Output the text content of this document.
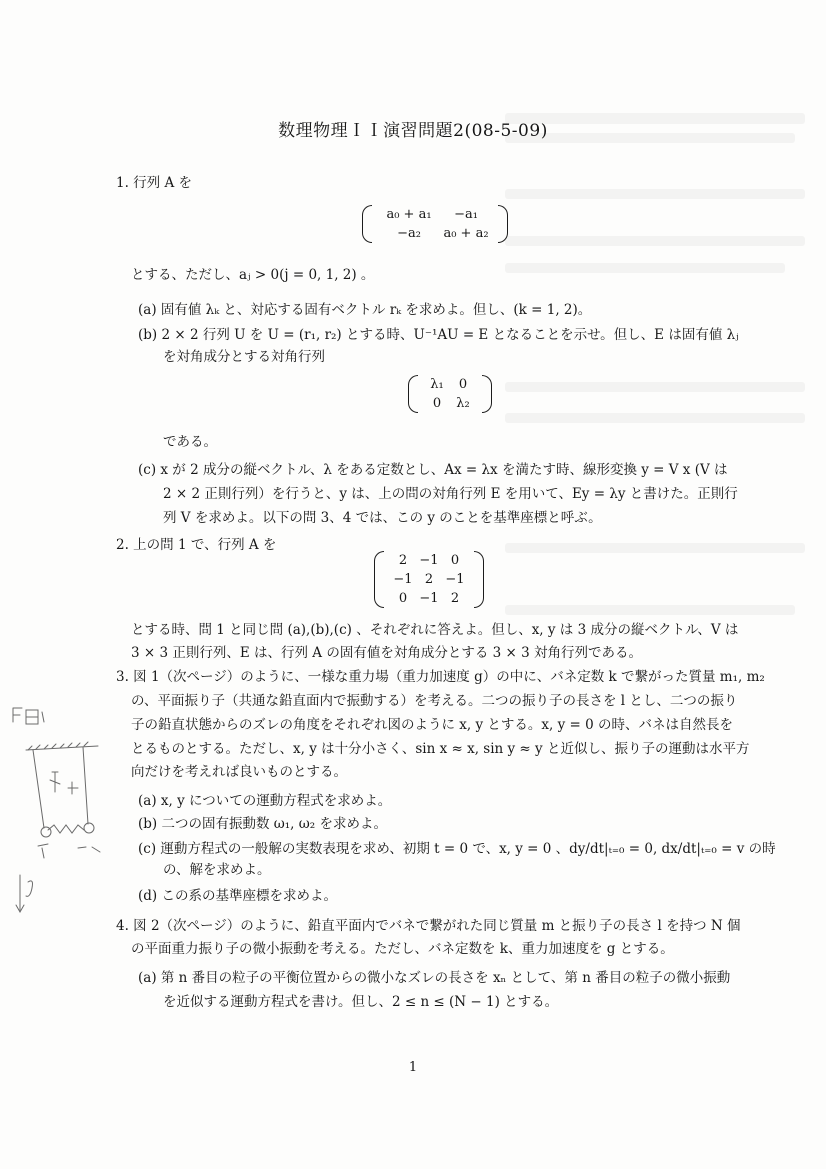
数理物理ＩＩ演習問題2(08-5-09)
1. 行列 A を
a₀ + a₁ −a₁
−a₂ a₀ + a₂
とする、ただし、aⱼ > 0(j = 0, 1, 2) 。
(a) 固有値 λₖ と、対応する固有ベクトル rₖ を求めよ。但し、(k = 1, 2)。
(b) 2 × 2 行列 U を U = (r₁, r₂) とする時、U⁻¹AU = E となることを示せ。但し、E は固有値 λⱼ
を対角成分とする対角行列
λ₁ 0
0 λ₂
である。
(c) x が 2 成分の縦ベクトル、λ をある定数とし、Ax = λx を満たす時、線形変換 y = V x (V は
2 × 2 正則行列）を行うと、y は、上の問の対角行列 E を用いて、Ey = λy と書けた。正則行
列 V を求めよ。以下の問 3、4 では、この y のことを基準座標と呼ぶ。
2. 上の問 1 で、行列 A を
2 −1 0
−1 2 −1
0 −1 2
とする時、問 1 と同じ問 (a),(b),(c) 、それぞれに答えよ。但し、x, y は 3 成分の縦ベクトル、V は
3 × 3 正則行列、E は、行列 A の固有値を対角成分とする 3 × 3 対角行列である。
3. 図 1（次ページ）のように、一様な重力場（重力加速度 g）の中に、バネ定数 k で繋がった質量 m₁, m₂
の、平面振り子（共通な鉛直面内で振動する）を考える。二つの振り子の長さを l とし、二つの振り
子の鉛直状態からのズレの角度をそれぞれ図のように x, y とする。x, y = 0 の時、バネは自然長を
とるものとする。ただし、x, y は十分小さく、sin x ≈ x, sin y ≈ y と近似し、振り子の運動は水平方
向だけを考えれば良いものとする。
(a) x, y についての運動方程式を求めよ。
(b) 二つの固有振動数 ω₁, ω₂ を求めよ。
(c) 運動方程式の一般解の実数表現を求め、初期 t = 0 で、x, y = 0 、dy/dt|ₜ₌₀ = 0, dx/dt|ₜ₌₀ = v の時
の、解を求めよ。
(d) この系の基準座標を求めよ。
4. 図 2（次ページ）のように、鉛直平面内でバネで繋がれた同じ質量 m と振り子の長さ l を持つ N 個
の平面重力振り子の微小振動を考える。ただし、バネ定数を k、重力加速度を g とする。
(a) 第 n 番目の粒子の平衡位置からの微小なズレの長さを xₙ として、第 n 番目の粒子の微小振動
を近似する運動方程式を書け。但し、2 ≤ n ≤ (N − 1) とする。
1
